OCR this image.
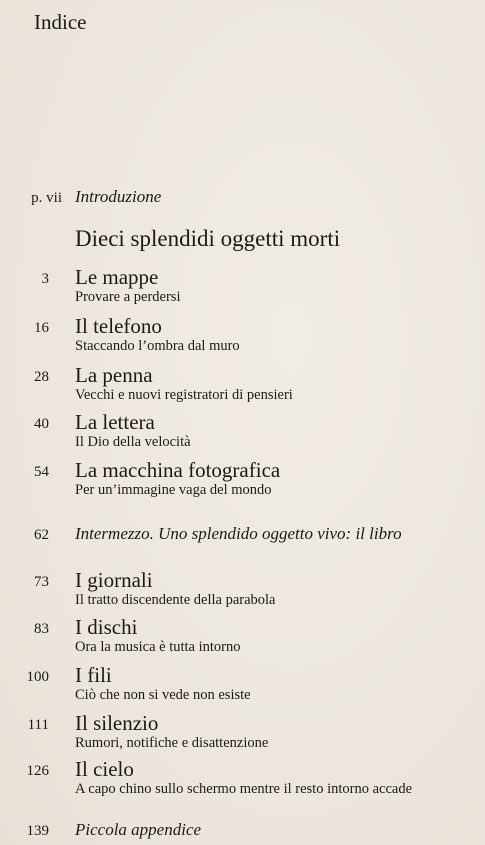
Indice
p. vii Introduzione
Dieci splendidi oggetti morti
3 Le mappe
Provare a perdersi
16 Il telefono
Staccando l’ombra dal muro
28 La penna
Vecchi e nuovi registratori di pensieri
40 La lettera
Il Dio della velocità
54 La macchina fotografica
Per un’immagine vaga del mondo
62 Intermezzo. Uno splendido oggetto vivo: il libro
73 I giornali
Il tratto discendente della parabola
83 I dischi
Ora la musica è tutta intorno
100 I fili
Ciò che non si vede non esiste
111 Il silenzio
Rumori, notifiche e disattenzione
126 Il cielo
A capo chino sullo schermo mentre il resto intorno accade
139 Piccola appendice
